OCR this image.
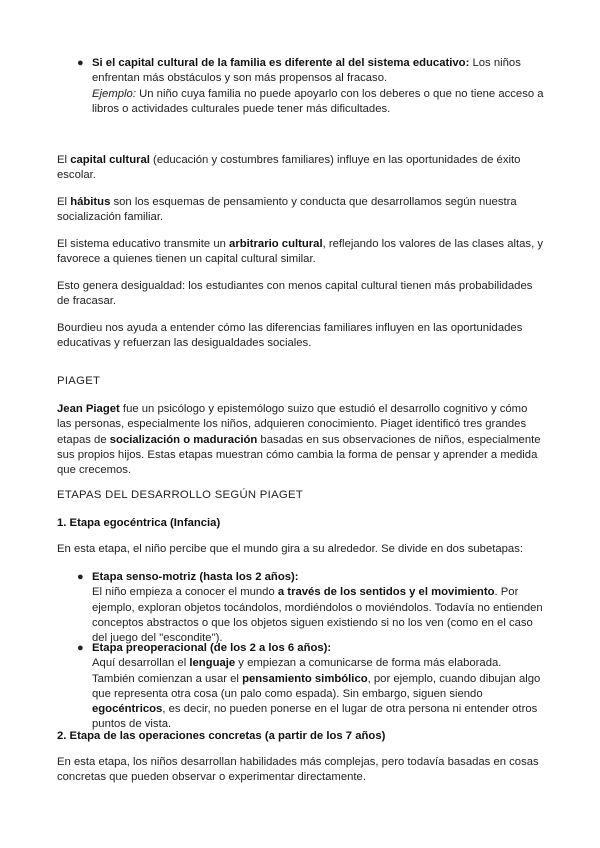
● Si el capital cultural de la familia es diferente al del sistema educativo: Los niños enfrentan más obstáculos y son más propensos al fracaso.
Ejemplo: Un niño cuya familia no puede apoyarlo con los deberes o que no tiene acceso a libros o actividades culturales puede tener más dificultades.

El capital cultural (educación y costumbres familiares) influye en las oportunidades de éxito escolar.

El hábitus son los esquemas de pensamiento y conducta que desarrollamos según nuestra socialización familiar.

El sistema educativo transmite un arbitrario cultural, reflejando los valores de las clases altas, y favorece a quienes tienen un capital cultural similar.

Esto genera desigualdad: los estudiantes con menos capital cultural tienen más probabilidades de fracasar.

Bourdieu nos ayuda a entender cómo las diferencias familiares influyen en las oportunidades educativas y refuerzan las desigualdades sociales.

PIAGET

Jean Piaget fue un psicólogo y epistemólogo suizo que estudió el desarrollo cognitivo y cómo las personas, especialmente los niños, adquieren conocimiento. Piaget identificó tres grandes etapas de socialización o maduración basadas en sus observaciones de niños, especialmente sus propios hijos. Estas etapas muestran cómo cambia la forma de pensar y aprender a medida que crecemos.

ETAPAS DEL DESARROLLO SEGÚN PIAGET

1. Etapa egocéntrica (Infancia)

En esta etapa, el niño percibe que el mundo gira a su alrededor. Se divide en dos subetapas:

● Etapa senso-motriz (hasta los 2 años):
El niño empieza a conocer el mundo a través de los sentidos y el movimiento. Por ejemplo, exploran objetos tocándolos, mordiéndolos o moviéndolos. Todavía no entienden conceptos abstractos o que los objetos siguen existiendo si no los ven (como en el caso del juego del "escondite").

● Etapa preoperacional (de los 2 a los 6 años):
Aquí desarrollan el lenguaje y empiezan a comunicarse de forma más elaborada. También comienzan a usar el pensamiento simbólico, por ejemplo, cuando dibujan algo que representa otra cosa (un palo como espada). Sin embargo, siguen siendo egocéntricos, es decir, no pueden ponerse en el lugar de otra persona ni entender otros puntos de vista.

2. Etapa de las operaciones concretas (a partir de los 7 años)

En esta etapa, los niños desarrollan habilidades más complejas, pero todavía basadas en cosas concretas que pueden observar o experimentar directamente.
